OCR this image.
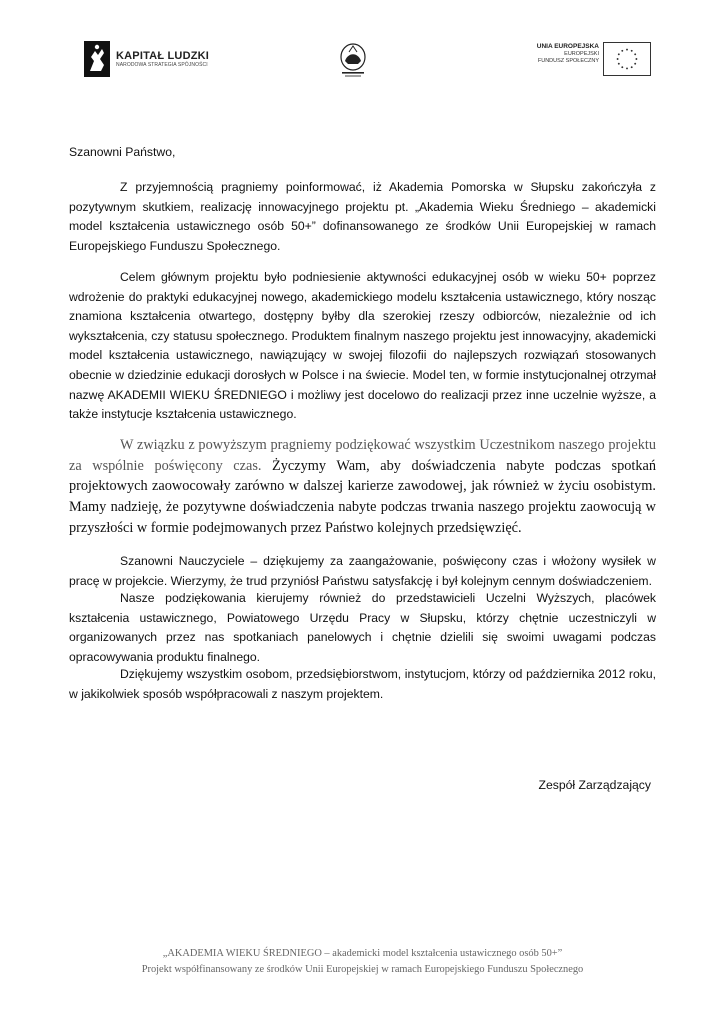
KAPITAŁ LUDZKI
NARODOWA STRATEGIA SPÓJNOŚCI
UNIA EUROPEJSKA
EUROPEJSKI
FUNDUSZ SPOŁECZNY
Szanowni Państwo,

Z przyjemnością pragniemy poinformować, iż Akademia Pomorska w Słupsku zakończyła z pozytywnym skutkiem, realizację innowacyjnego projektu pt. „Akademia Wieku Średniego – akademicki model kształcenia ustawicznego osób 50+” dofinansowanego ze środków Unii Europejskiej w ramach Europejskiego Funduszu Społecznego.

Celem głównym projektu było podniesienie aktywności edukacyjnej osób w wieku 50+ poprzez wdrożenie do praktyki edukacyjnej nowego, akademickiego modelu kształcenia ustawicznego, który nosząc znamiona kształcenia otwartego, dostępny byłby dla szerokiej rzeszy odbiorców, niezależnie od ich wykształcenia, czy statusu społecznego. Produktem finalnym naszego projektu jest innowacyjny, akademicki model kształcenia ustawicznego, nawiązujący w swojej filozofii do najlepszych rozwiązań stosowanych obecnie w dziedzinie edukacji dorosłych w Polsce i na świecie. Model ten, w formie instytucjonalnej otrzymał nazwę AKADEMII WIEKU ŚREDNIEGO i możliwy jest docelowo do realizacji przez inne uczelnie wyższe, a także instytucje kształcenia ustawicznego.

W związku z powyższym pragniemy podziękować wszystkim Uczestnikom naszego projektu za wspólnie poświęcony czas. Życzymy Wam, aby doświadczenia nabyte podczas spotkań projektowych zaowocowały zarówno w dalszej karierze zawodowej, jak również w życiu osobistym. Mamy nadzieję, że pozytywne doświadczenia nabyte podczas trwania naszego projektu zaowocują w przyszłości w formie podejmowanych przez Państwo kolejnych przedsięwzięć.

Szanowni Nauczyciele – dziękujemy za zaangażowanie, poświęcony czas i włożony wysiłek w pracę w projekcie. Wierzymy, że trud przyniósł Państwu satysfakcję i był kolejnym cennym doświadczeniem.

Nasze podziękowania kierujemy również do przedstawicieli Uczelni Wyższych, placówek kształcenia ustawicznego, Powiatowego Urzędu Pracy w Słupsku, którzy chętnie uczestniczyli w organizowanych przez nas spotkaniach panelowych i chętnie dzielili się swoimi uwagami podczas opracowywania produktu finalnego.

Dziękujemy wszystkim osobom, przedsiębiorstwom, instytucjom, którzy od października 2012 roku, w jakikolwiek sposób współpracowali z naszym projektem.

Zespół Zarządzający
„AKADEMIA WIEKU ŚREDNIEGO – akademicki model kształcenia ustawicznego osób 50+”
Projekt współfinansowany ze środków Unii Europejskiej w ramach Europejskiego Funduszu Społecznego
